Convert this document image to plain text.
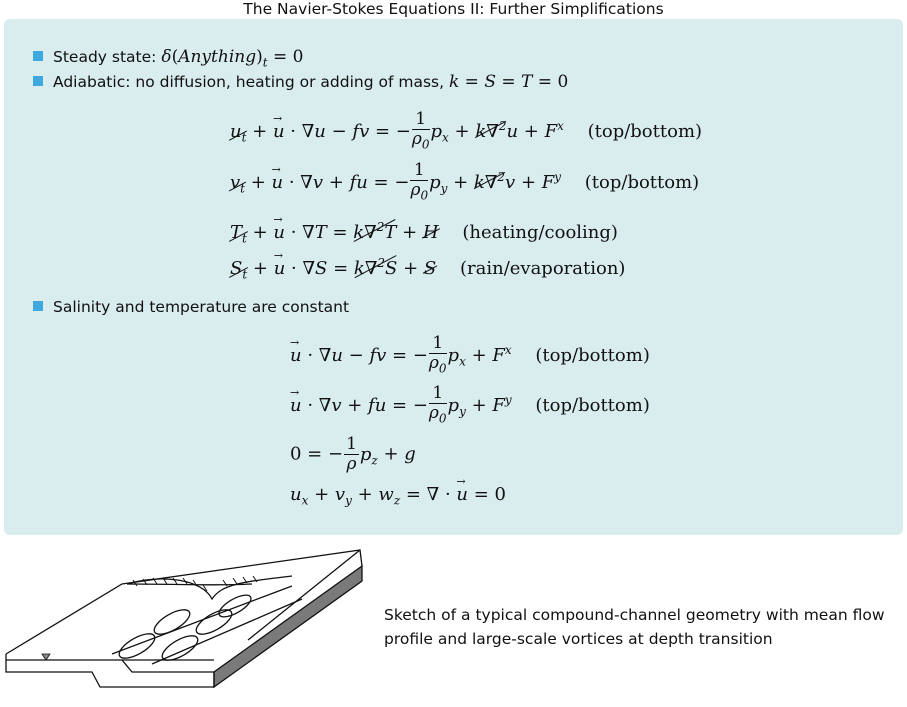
The Navier-Stokes Equations II: Further Simplifications
Steady state: $\delta(Anything)_t = 0$
Adiabatic: no diffusion, heating or adding of mass, k = S = T = 0
$u_t$ + → u · ∇u − fv = − $\frac{1}{\rho_0} p_x + k\nabla^2u + F^x$ (top/bottom)
$v_t$ + → u · ∇v + fu = − $\frac{1}{\rho_0} p_y + k\nabla^2v + F^y$ (top/bottom)
$T_t$ + → u · ∇T = k∇$^2$T + H (heating/cooling)
$S_t$ + → u · ∇S = k∇$^2$S + S (rain/evaporation)
Salinity and temperature are constant
→ u · ∇u − fv = − $\frac{1}{\rho_0} p_x + F^x$ (top/bottom)
→ u · ∇v + fu = − $\frac{1}{\rho_0} p_y + F^y$ (top/bottom)
0 = − $\frac{1}{\rho} p_z + g$
$u_x + v_y + w_z$ = ∇ · → u = 0
Sketch of a typical compound-channel geometry with mean flow profile and large-scale vortices at depth transition
